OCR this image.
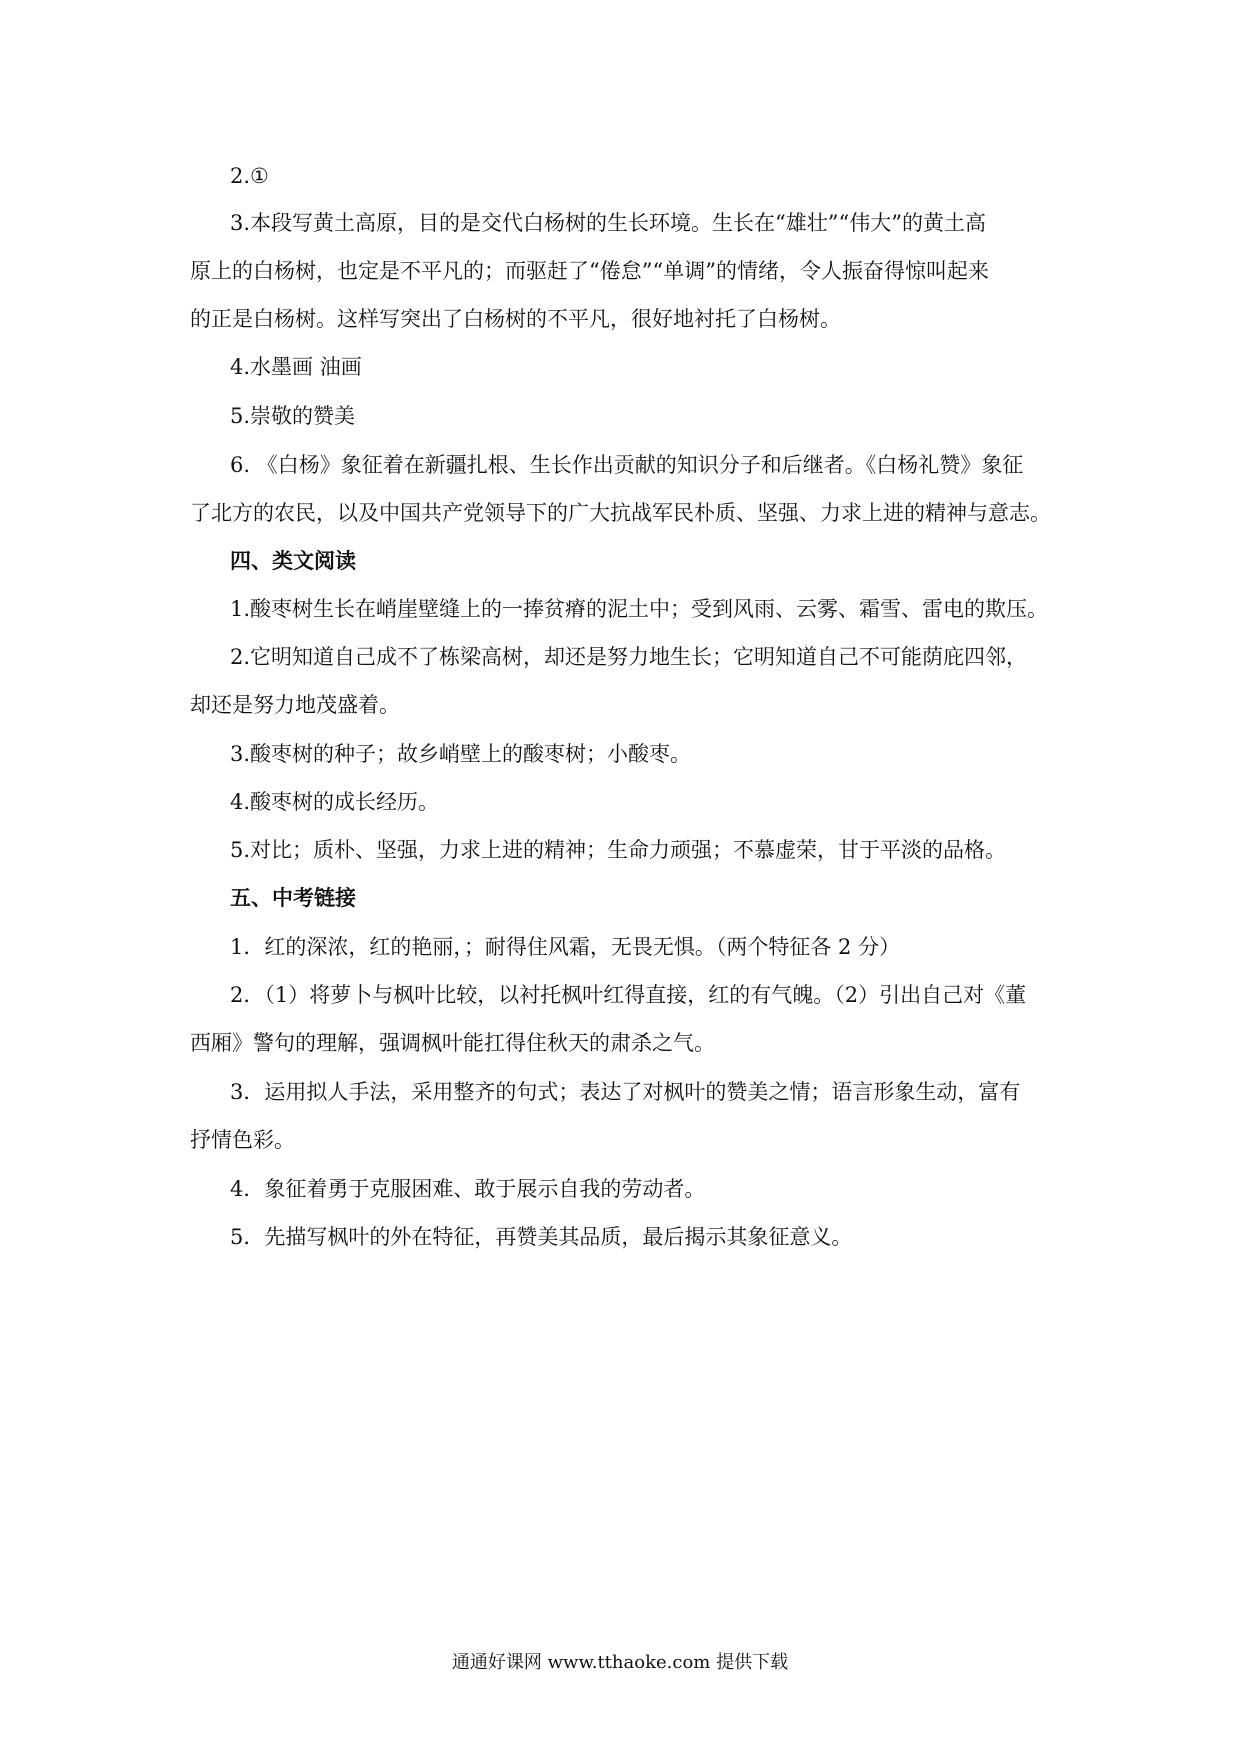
2.①
3.本段写黄土高原，目的是交代白杨树的生长环境。生长在“雄壮”“伟大”的黄土高
原上的白杨树，也定是不平凡的；而驱赶了“倦怠”“单调”的情绪，令人振奋得惊叫起来
的正是白杨树。这样写突出了白杨树的不平凡，很好地衬托了白杨树。
4.水墨画 油画
5.崇敬的赞美
6. 《白杨》象征着在新疆扎根、生长作出贡献的知识分子和后继者。《白杨礼赞》象征
了北方的农民，以及中国共产党领导下的广大抗战军民朴质、坚强、力求上进的精神与意志。
四、类文阅读
1.酸枣树生长在峭崖壁缝上的一捧贫瘠的泥土中；受到风雨、云雾、霜雪、雷电的欺压。
2.它明知道自己成不了栋梁高树，却还是努力地生长；它明知道自己不可能荫庇四邻，
却还是努力地茂盛着。
3.酸枣树的种子；故乡峭壁上的酸枣树；小酸枣。
4.酸枣树的成长经历。
5.对比；质朴、坚强，力求上进的精神；生命力顽强；不慕虚荣，甘于平淡的品格。
五、中考链接
1．红的深浓，红的艳丽，；耐得住风霜，无畏无惧。（两个特征各 2 分）
2．（1）将萝卜与枫叶比较，以衬托枫叶红得直接，红的有气魄。（2）引出自己对《董
西厢》警句的理解，强调枫叶能扛得住秋天的肃杀之气。
3．运用拟人手法，采用整齐的句式；表达了对枫叶的赞美之情；语言形象生动，富有
抒情色彩。
4．象征着勇于克服困难、敢于展示自我的劳动者。
5．先描写枫叶的外在特征，再赞美其品质，最后揭示其象征意义。
通通好课网 www.tthaoke.com 提供下载
